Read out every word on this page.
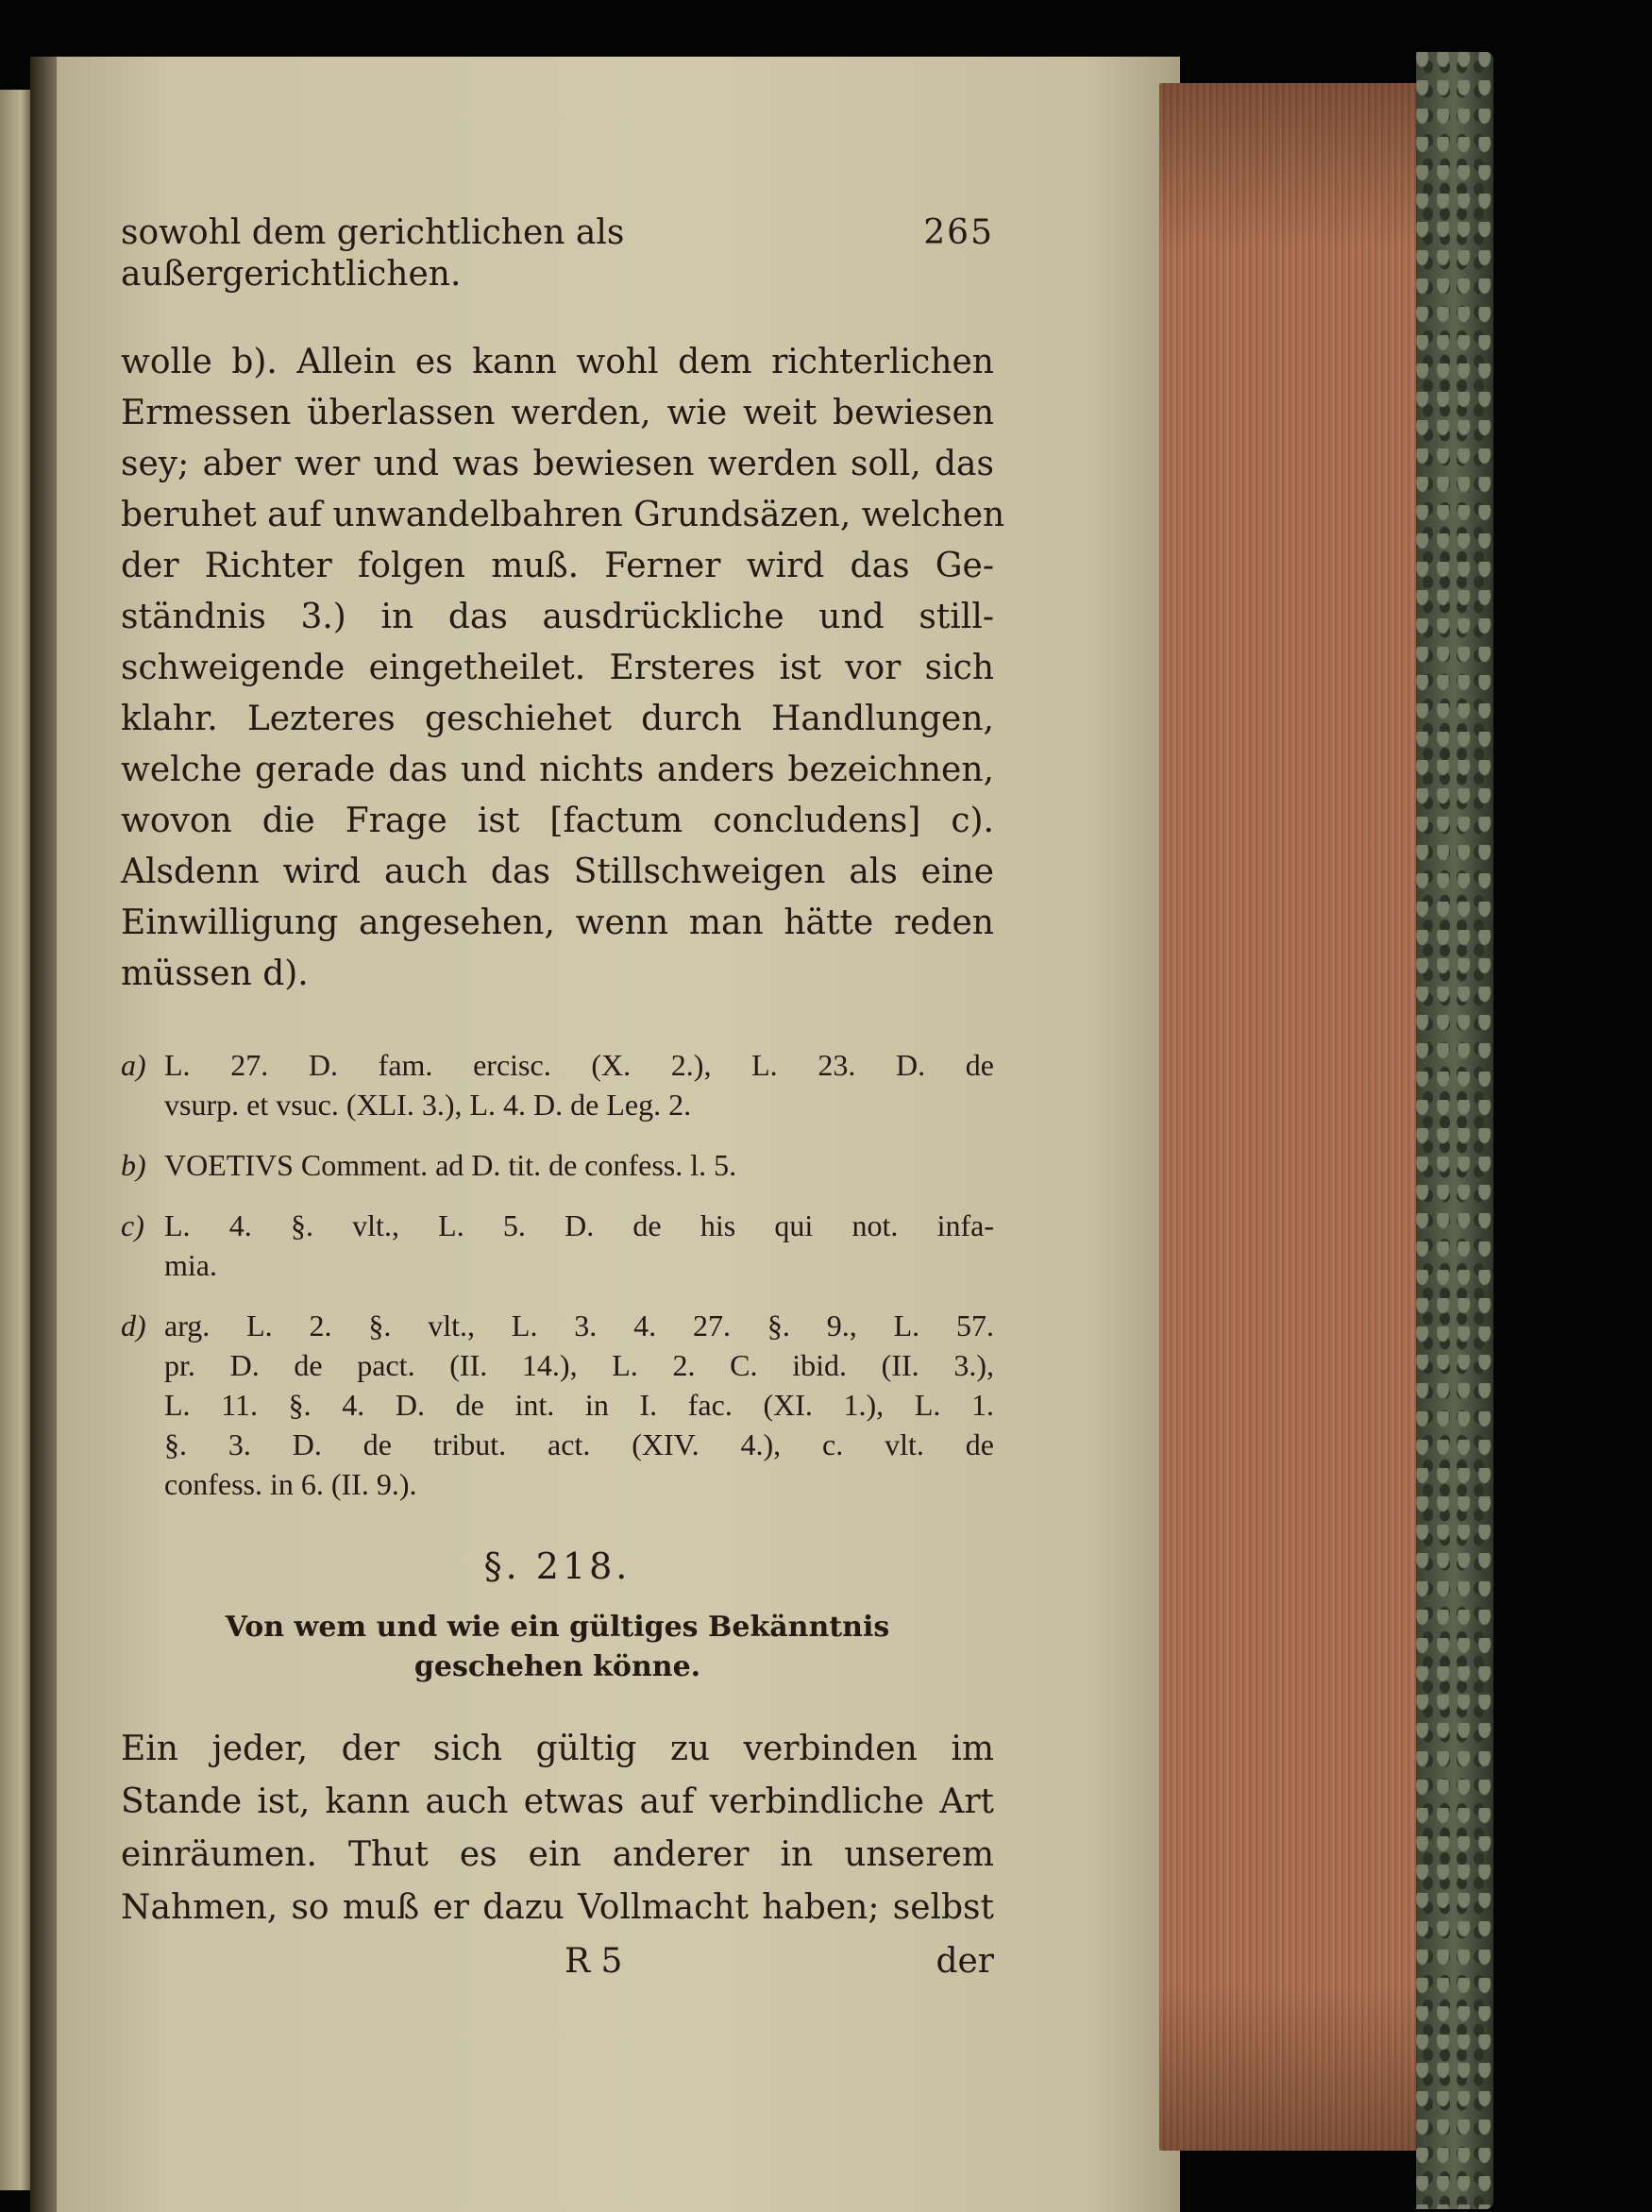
sowohl dem gerichtlichen als außergerichtlichen.
265

wolle b). Allein es kann wohl dem richterlichen
Ermessen überlassen werden, wie weit bewiesen
sey; aber wer und was bewiesen werden soll, das
beruhet auf unwandelbahren Grundsäzen, welchen
der Richter folgen muß. Ferner wird das Ge-
ständnis 3.) in das ausdrückliche und still-
schweigende eingetheilet. Ersteres ist vor sich
klahr. Lezteres geschiehet durch Handlungen,
welche gerade das und nichts anders bezeichnen,
wovon die Frage ist [factum concludens] c).
Alsdenn wird auch das Stillschweigen als eine
Einwilligung angesehen, wenn man hätte reden
müssen d).

a) L. 27. D. fam. ercisc. (X. 2.), L. 23. D. de
vsurp. et vsuc. (XLI. 3.), L. 4. D. de Leg. 2.
b) VOETIVS Comment. ad D. tit. de confess. l. 5.
c) L. 4. §. vlt., L. 5. D. de his qui not. infa-
mia.
d) arg. L. 2. §. vlt., L. 3. 4. 27. §. 9., L. 57.
pr. D. de pact. (II. 14.), L. 2. C. ibid. (II. 3.),
L. 11. §. 4. D. de int. in I. fac. (XI. 1.), L. 1.
§. 3. D. de tribut. act. (XIV. 4.), c. vlt. de
confess. in 6. (II. 9.).
§. 218.
Von wem und wie ein gültiges Bekänntnis
geschehen könne.

Ein jeder, der sich gültig zu verbinden im
Stande ist, kann auch etwas auf verbindliche Art
einräumen. Thut es ein anderer in unserem
Nahmen, so muß er dazu Vollmacht haben; selbst

R 5	der
